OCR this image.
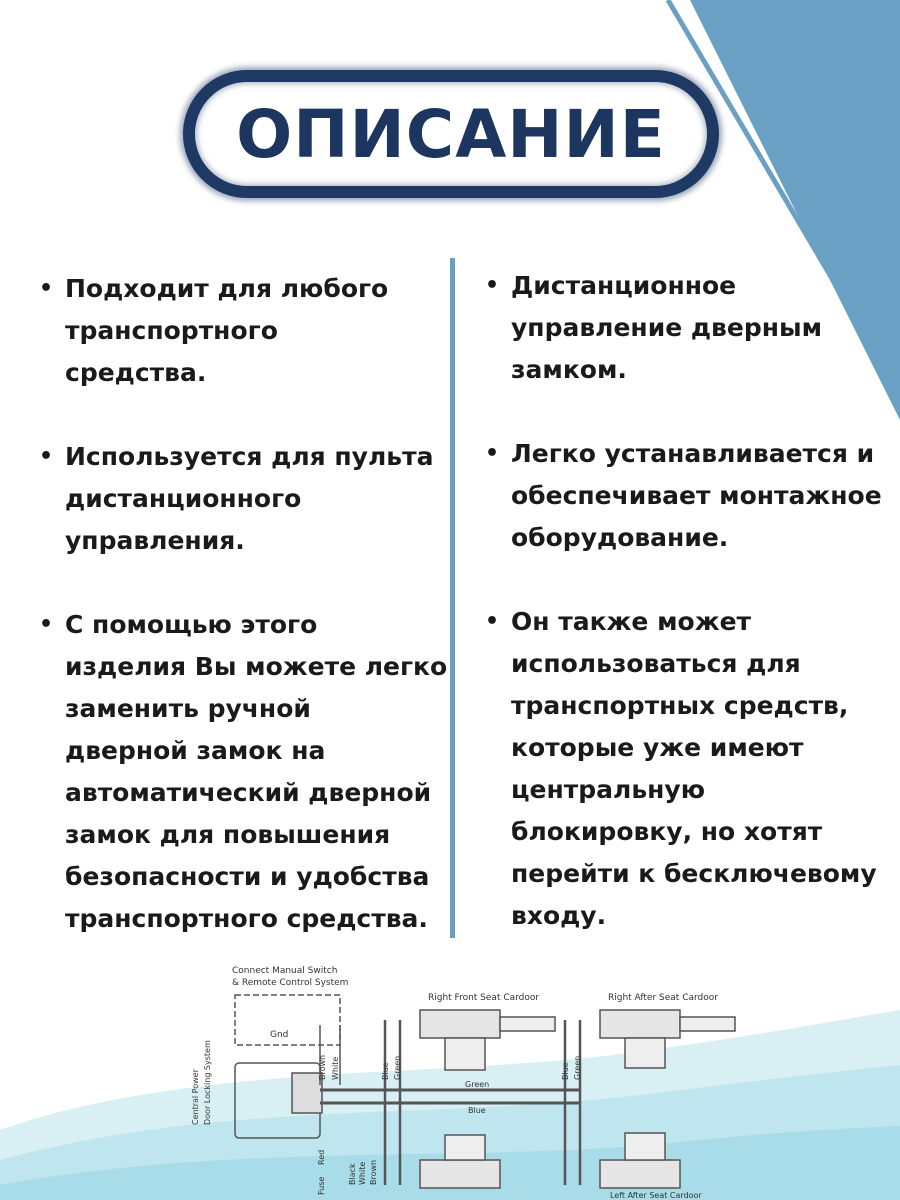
ОПИСАНИЕ
• Подходит для любого
транспортного
средства.
• Используется для пульта
дистанционного
управления.
• С помощью этого
изделия Вы можете легко
заменить ручной
дверной замок на
автоматический дверной
замок для повышения
безопасности и удобства
транспортного средства.
• Дистанционное
управление дверным
замком.
• Легко устанавливается и
обеспечивает монтажное
оборудование.
• Он также может
использоваться для
транспортных средств,
которые уже имеют
центральную
блокировку, но хотят
перейти к бесключевому
входу.
Connect Manual Switch
& Remote Control System
Gnd
Right Front Seat Cardoor	Right After Seat Cardoor
Central Power Door Locking System	Brown White	Blue Green	Blue Green
Green
Blue
Black White Brown
Red
Fuse
Left After Seat Cardoor
